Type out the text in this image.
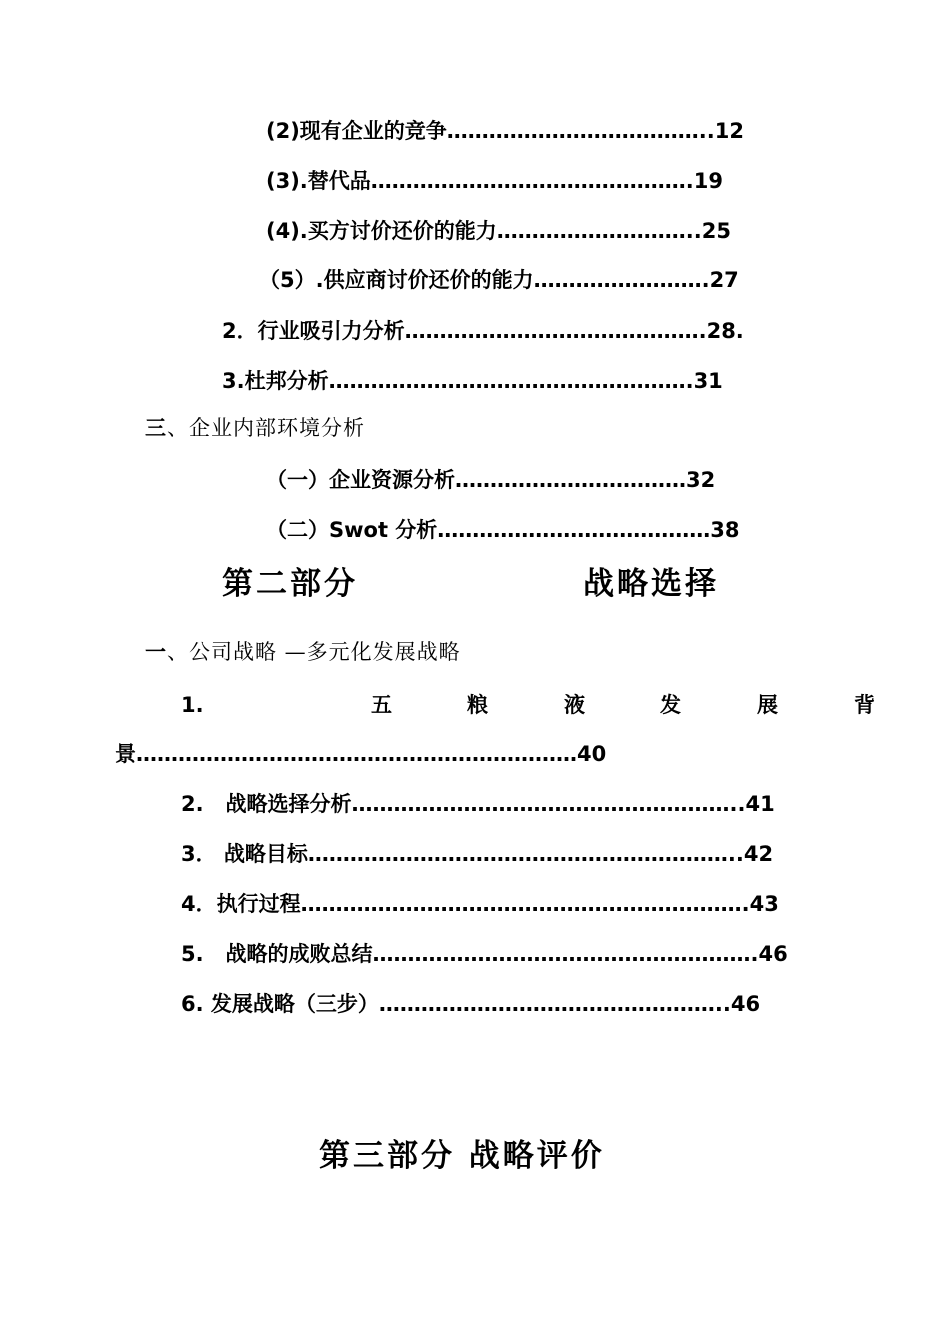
(2)现有企业的竞争………………………………..12
(3).替代品……………………………………….19
(4).买方讨价还价的能力………………………..25
（5）.供应商讨价还价的能力…………………….27
2．行业吸引力分析…………………………………….28.
3.杜邦分析…………………………………………….31
三、企业内部环境分析
（一）企业资源分析……………………………32
（二）Swot 分析…………………………………38
第二部分	战略选择
一、公司战略 —多元化发展战略
1.	五	粮	液	发	展	背
景………………………………………………………40
2.   战略选择分析………………………………………………..41
3． 战略目标……………………………………………………..42
4．执行过程……………………………………………………….43
5.   战略的成败总结……………………………………………….46
6. 发展战略（三步）…………………………………………..46
第三部分 战略评价
